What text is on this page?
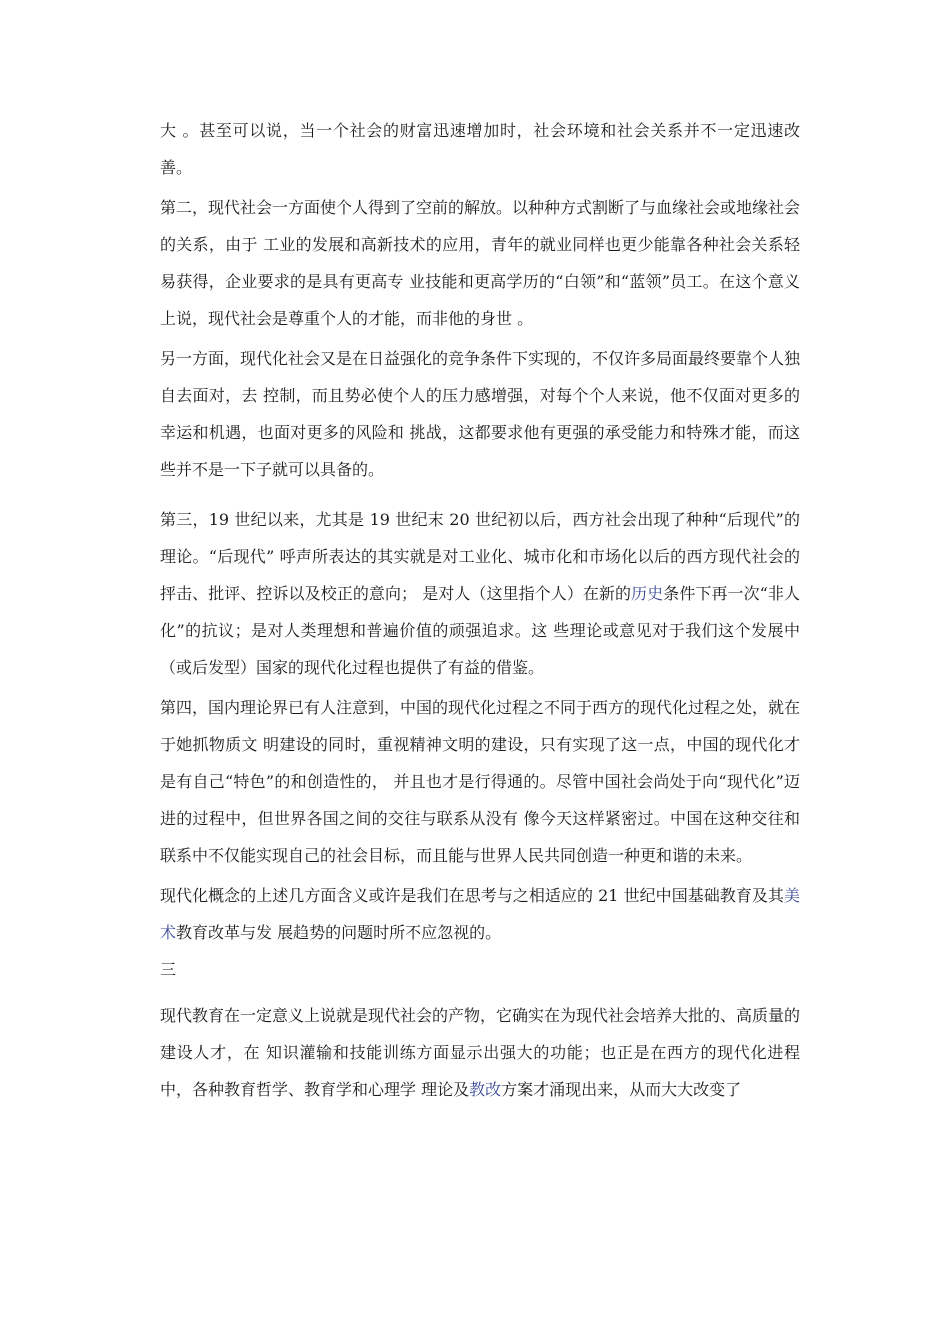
大 。甚至可以说，当一个社会的财富迅速增加时，社会环境和社会关系并不一定迅速改善。

第二，现代社会一方面使个人得到了空前的解放。以种种方式割断了与血缘社会或地缘社会的关系，由于 工业的发展和高新技术的应用，青年的就业同样也更少能靠各种社会关系轻易获得，企业要求的是具有更高专 业技能和更高学历的“白领”和“蓝领”员工。在这个意义上说，现代社会是尊重个人的才能，而非他的身世 。

另一方面，现代化社会又是在日益强化的竞争条件下实现的，不仅许多局面最终要靠个人独自去面对，去 控制，而且势必使个人的压力感增强，对每个个人来说，他不仅面对更多的幸运和机遇，也面对更多的风险和 挑战，这都要求他有更强的承受能力和特殊才能，而这些并不是一下子就可以具备的。

第三，19 世纪以来，尤其是 19 世纪末 20 世纪初以后，西方社会出现了种种“后现代”的理论。“后现代” 呼声所表达的其实就是对工业化、城市化和市场化以后的西方现代社会的抨击、批评、控诉以及校正的意向； 是对人（这里指个人）在新的历史条件下再一次“非人化”的抗议；是对人类理想和普遍价值的顽强追求。这 些理论或意见对于我们这个发展中（或后发型）国家的现代化过程也提供了有益的借鉴。

第四，国内理论界已有人注意到，中国的现代化过程之不同于西方的现代化过程之处，就在于她抓物质文 明建设的同时，重视精神文明的建设，只有实现了这一点，中国的现代化才是有自己“特色”的和创造性的， 并且也才是行得通的。尽管中国社会尚处于向“现代化”迈进的过程中，但世界各国之间的交往与联系从没有 像今天这样紧密过。中国在这种交往和联系中不仅能实现自己的社会目标，而且能与世界人民共同创造一种更和谐的未来。

现代化概念的上述几方面含义或许是我们在思考与之相适应的 21 世纪中国基础教育及其美术教育改革与发 展趋势的问题时所不应忽视的。

三

现代教育在一定意义上说就是现代社会的产物，它确实在为现代社会培养大批的、高质量的建设人才，在 知识灌输和技能训练方面显示出强大的功能；也正是在西方的现代化进程中，各种教育哲学、教育学和心理学 理论及教改方案才涌现出来，从而大大改变了
